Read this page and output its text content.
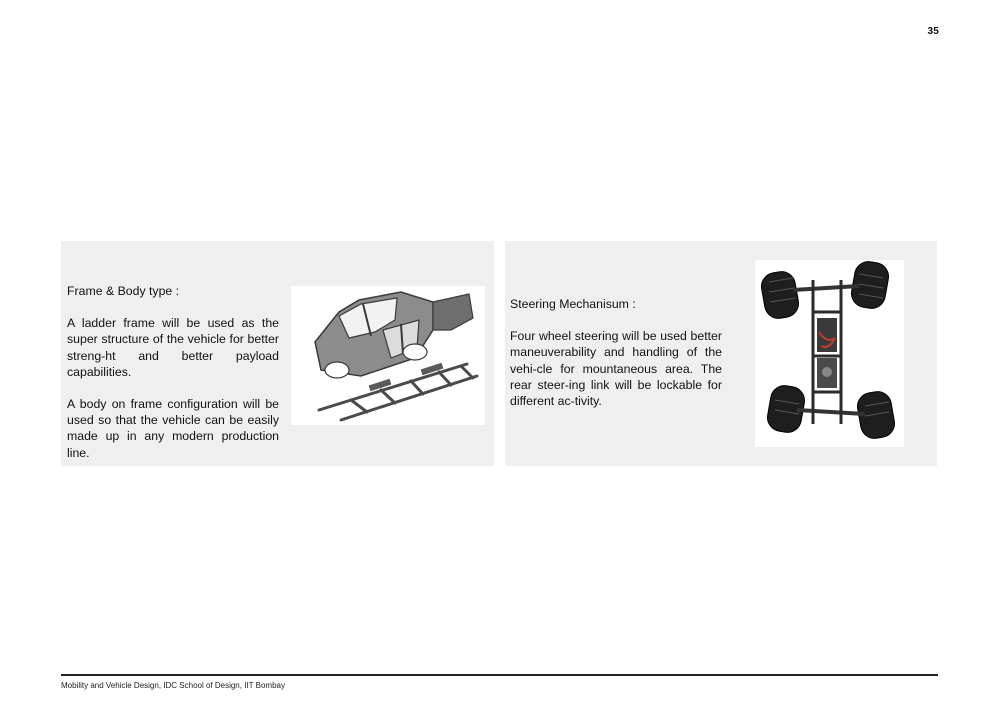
35

Frame & Body type :

A ladder frame will be used as the super structure of the vehicle for better streng-ht and better payload capabilities.

A body on frame configuration will be used so that the vehicle can be easily made up in any modern production line.

Steering Mechanisum :

Four wheel steering will be used better maneuverability and handling of the vehi-cle for mountaneous area. The rear steer-ing link will be lockable for different ac-tivity.

Mobility and Vehicle Design, IDC School of Design, IIT Bombay
